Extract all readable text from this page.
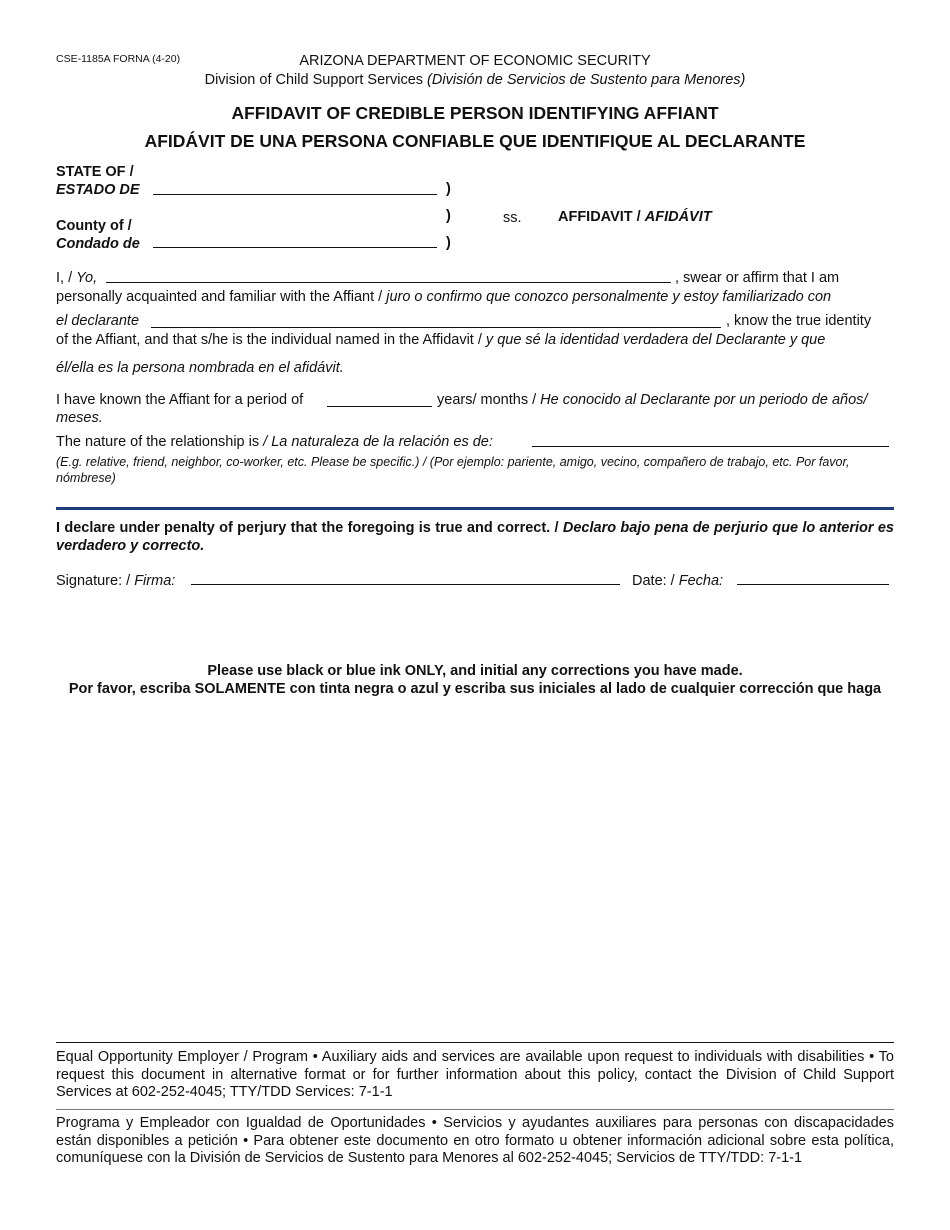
CSE-1185A FORNA (4-20)	ARIZONA DEPARTMENT OF ECONOMIC SECURITY
Division of Child Support Services (División de Servicios de Sustento para Menores)
AFFIDAVIT OF CREDIBLE PERSON IDENTIFYING AFFIANT
AFIDÁVIT DE UNA PERSONA CONFIABLE QUE IDENTIFIQUE AL DECLARANTE
STATE OF /
ESTADO DE	)
)	ss.	AFFIDAVIT / AFIDÁVIT
County of /
Condado de	)
I, / Yo,	, swear or affirm that I am
personally acquainted and familiar with the Affiant / juro o confirmo que conozco personalmente y estoy familiarizado con
el declarante	, know the true identity
of the Affiant, and that s/he is the individual named in the Affidavit / y que sé la identidad verdadera del Declarante y que
él/ella es la persona nombrada en el afidávit.
I have known the Affiant for a period of	years/ months / He conocido al Declarante por un periodo de años/
meses.
The nature of the relationship is / La naturaleza de la relación es de:
(E.g. relative, friend, neighbor, co-worker, etc. Please be specific.) / (Por ejemplo: pariente, amigo, vecino, compañero de trabajo, etc. Por favor, nómbrese)
I declare under penalty of perjury that the foregoing is true and correct. / Declaro bajo pena de perjurio que lo anterior es verdadero y correcto.
Signature: / Firma:	Date: / Fecha:
Please use black or blue ink ONLY, and initial any corrections you have made.
Por favor, escriba SOLAMENTE con tinta negra o azul y escriba sus iniciales al lado de cualquier corrección que haga
Equal Opportunity Employer / Program • Auxiliary aids and services are available upon request to individuals with disabilities • To request this document in alternative format or for further information about this policy, contact the Division of Child Support Services at 602-252-4045; TTY/TDD Services: 7-1-1
Programa y Empleador con Igualdad de Oportunidades • Servicios y ayudantes auxiliares para personas con discapacidades están disponibles a petición • Para obtener este documento en otro formato u obtener información adicional sobre esta política, comuníquese con la División de Servicios de Sustento para Menores al 602-252-4045; Servicios de TTY/TDD: 7-1-1
